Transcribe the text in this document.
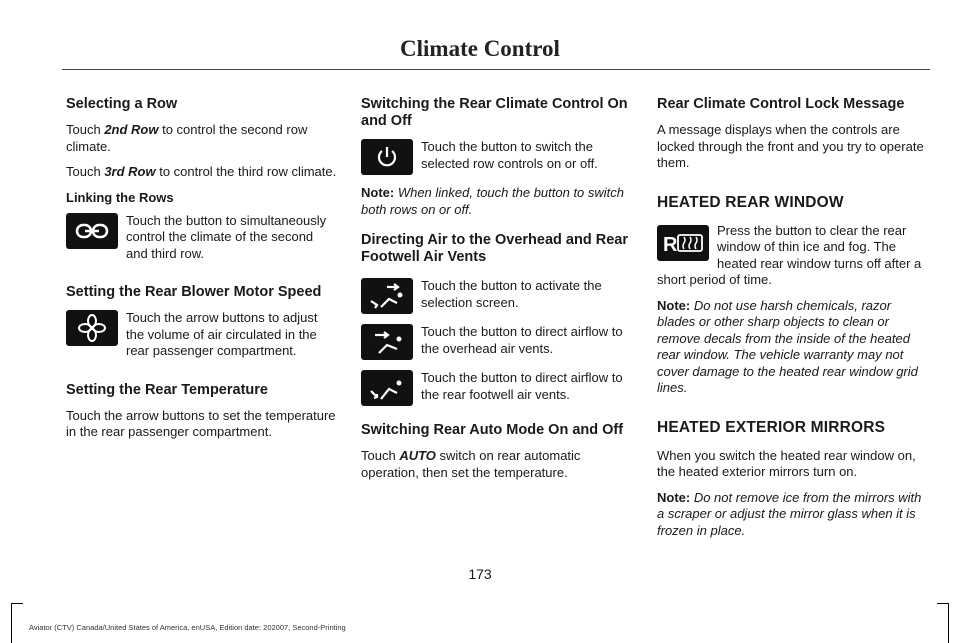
Climate Control
Selecting a Row
Touch 2nd Row to control the second row climate.
Touch 3rd Row to control the third row climate.
Linking the Rows
Touch the button to simultaneously control the climate of the second and third row.
Setting the Rear Blower Motor Speed
Touch the arrow buttons to adjust the volume of air circulated in the rear passenger compartment.
Setting the Rear Temperature
Touch the arrow buttons to set the temperature in the rear passenger compartment.
Switching the Rear Climate Control On and Off
Touch the button to switch the selected row controls on or off.
Note: When linked, touch the button to switch both rows on or off.
Directing Air to the Overhead and Rear Footwell Air Vents
Touch the button to activate the selection screen.
Touch the button to direct airflow to the overhead air vents.
Touch the button to direct airflow to the rear footwell air vents.
Switching Rear Auto Mode On and Off
Touch AUTO switch on rear automatic operation, then set the temperature.
Rear Climate Control Lock Message
A message displays when the controls are locked through the front and you try to operate them.
HEATED REAR WINDOW
R
Press the button to clear the rear window of thin ice and fog. The heated rear window turns off after a short period of time.
Note: Do not use harsh chemicals, razor blades or other sharp objects to clean or remove decals from the inside of the heated rear window. The vehicle warranty may not cover damage to the heated rear window grid lines.
HEATED EXTERIOR MIRRORS
When you switch the heated rear window on, the heated exterior mirrors turn on.
Note: Do not remove ice from the mirrors with a scraper or adjust the mirror glass when it is frozen in place.
173
Aviator (CTV) Canada/United States of America, enUSA, Edition date: 202007, Second-Printing
